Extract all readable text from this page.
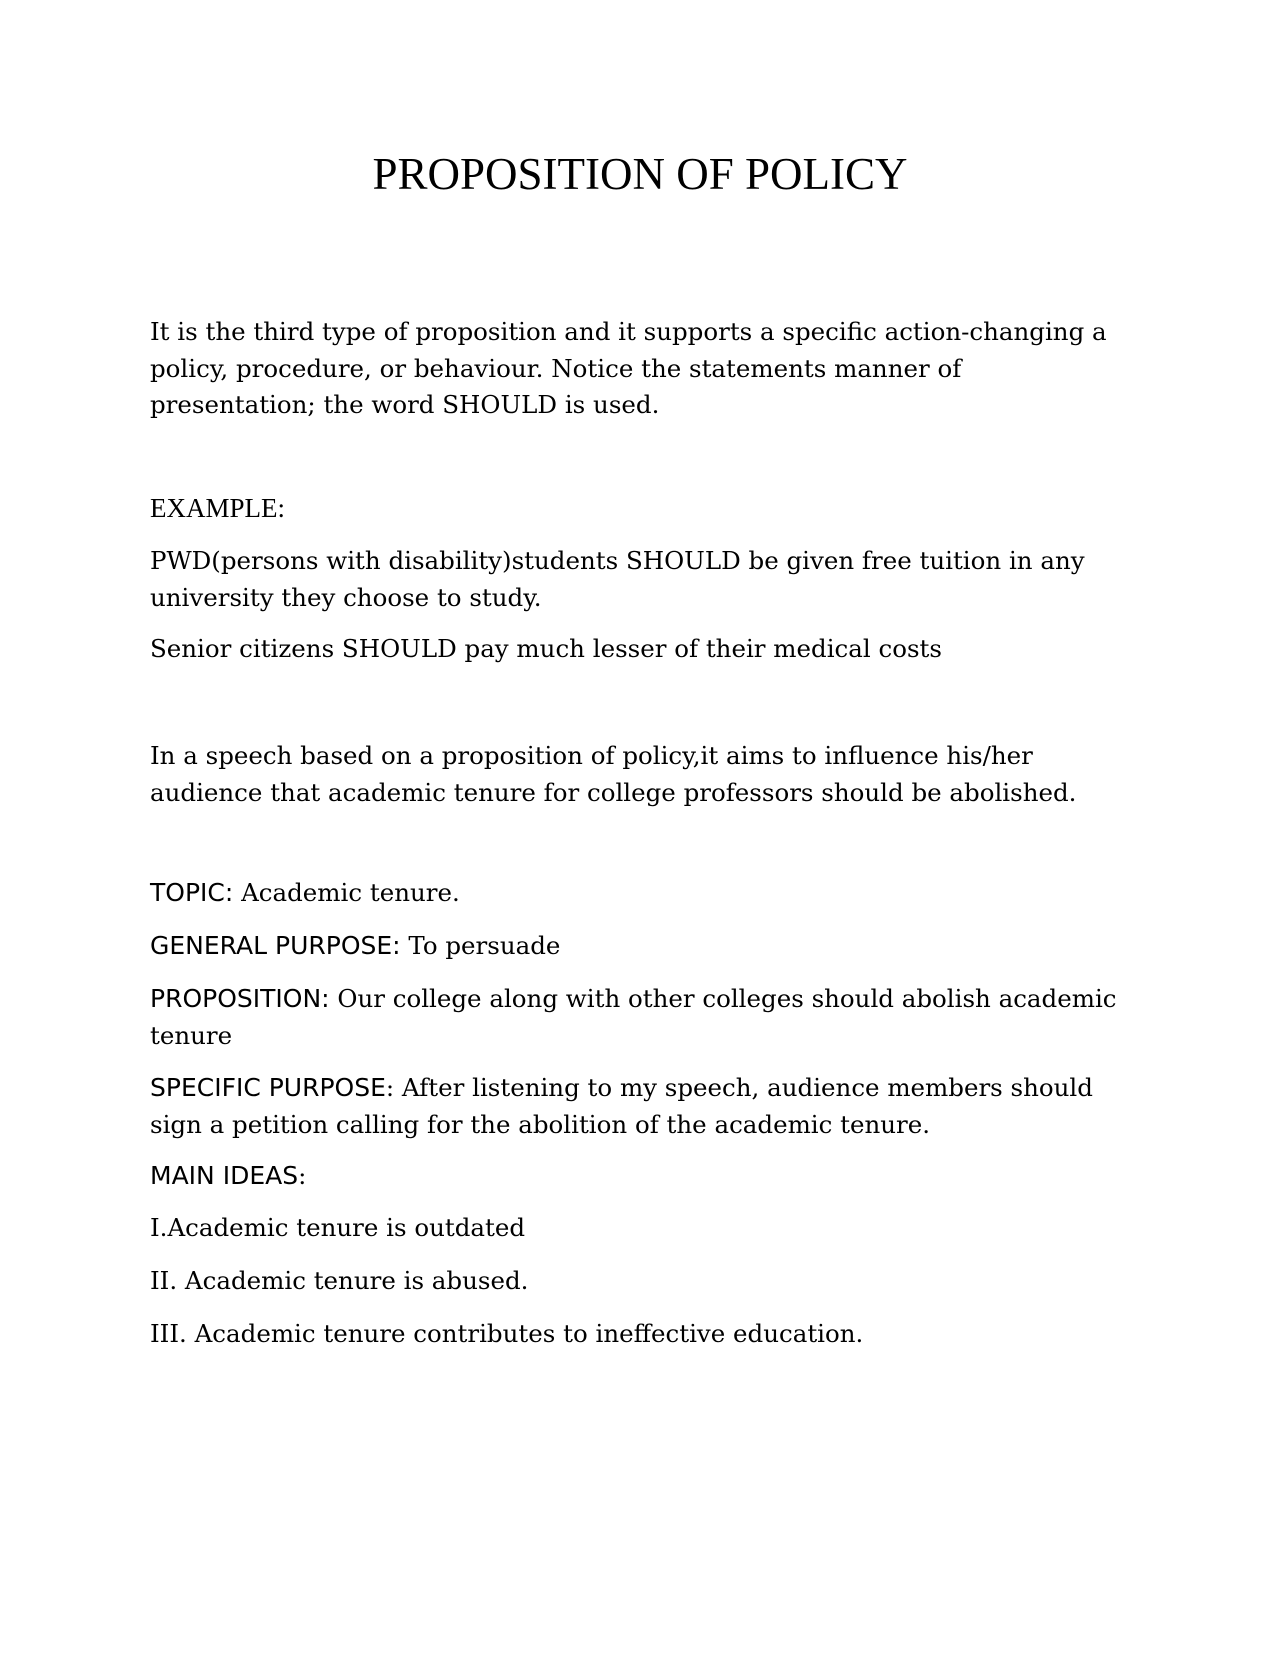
PROPOSITION OF POLICY

It is the third type of proposition and it supports a specific action-changing a policy, procedure, or behaviour. Notice the statements manner of presentation; the word SHOULD is used.

EXAMPLE:

PWD(persons with disability)students SHOULD be given free tuition in any university they choose to study.

Senior citizens SHOULD pay much lesser of their medical costs

In a speech based on a proposition of policy,it aims to influence his/her audience that academic tenure for college professors should be abolished.

TOPIC: Academic tenure.

GENERAL PURPOSE: To persuade

PROPOSITION: Our college along with other colleges should abolish academic tenure

SPECIFIC PURPOSE: After listening to my speech, audience members should sign a petition calling for the abolition of the academic tenure.

MAIN IDEAS:

I.Academic tenure is outdated

II. Academic tenure is abused.

III. Academic tenure contributes to ineffective education.
